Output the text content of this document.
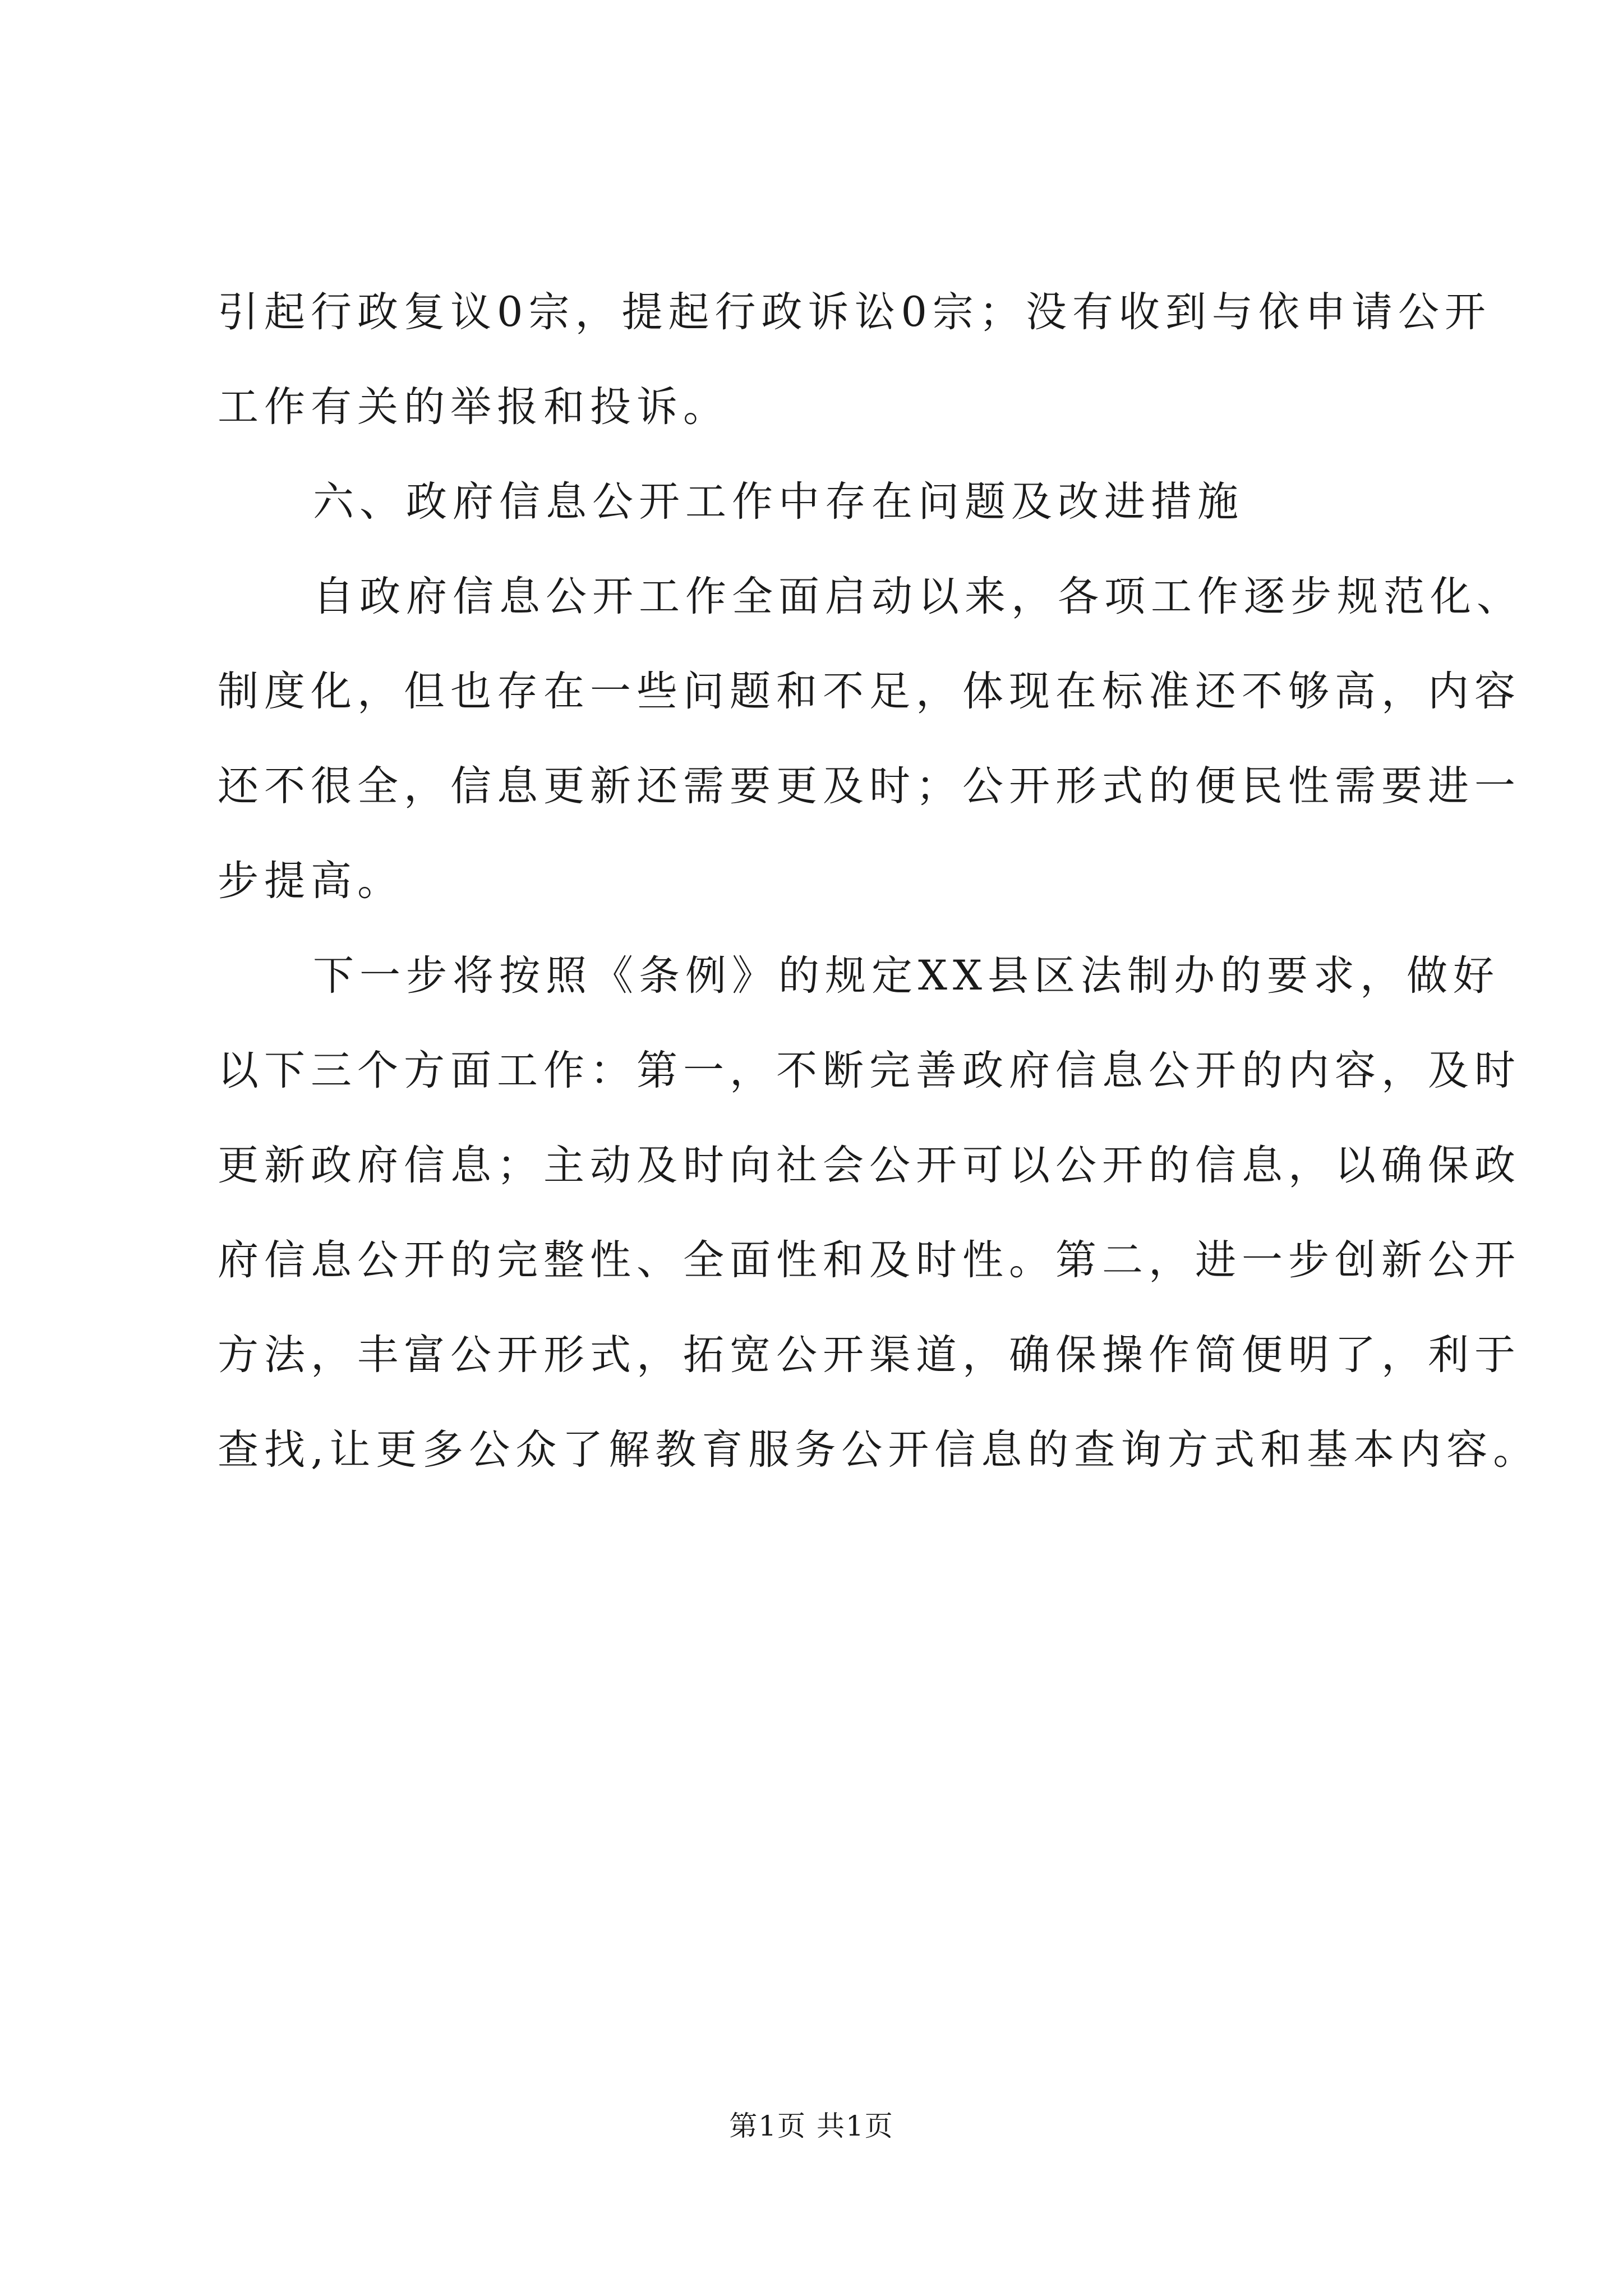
引起行政复议0宗，提起行政诉讼0宗；没有收到与依申请公开
工作有关的举报和投诉。
六、政府信息公开工作中存在问题及改进措施
自政府信息公开工作全面启动以来，各项工作逐步规范化、
制度化，但也存在一些问题和不足，体现在标准还不够高，内容
还不很全，信息更新还需要更及时；公开形式的便民性需要进一
步提高。
下一步将按照《条例》的规定XX县区法制办的要求，做好
以下三个方面工作：第一，不断完善政府信息公开的内容，及时
更新政府信息；主动及时向社会公开可以公开的信息，以确保政
府信息公开的完整性、全面性和及时性。第二，进一步创新公开
方法，丰富公开形式，拓宽公开渠道，确保操作简便明了，利于
查找,让更多公众了解教育服务公开信息的查询方式和基本内容。
第1页 共1页
